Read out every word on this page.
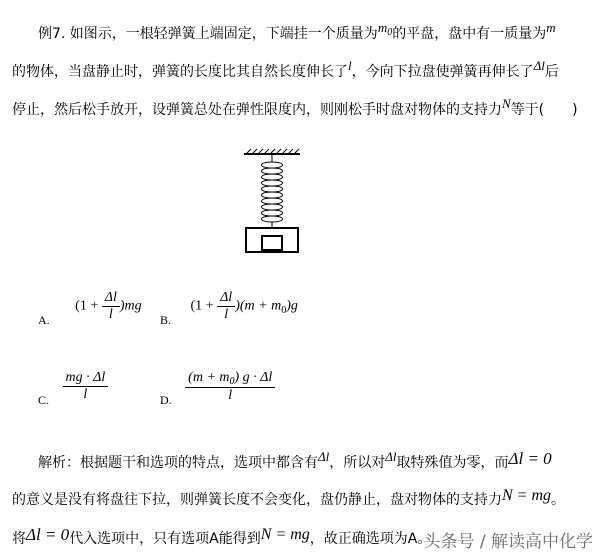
例7. 如图示，一根轻弹簧上端固定，下端挂一个质量为$m_0$的平盘，盘中有一质量为m
的物体，当盘静止时，弹簧的长度比其自然长度伸长了l，今向下拉盘使弹簧再伸长了Δl后
停止，然后松手放开，设弹簧总处在弹性限度内，则刚松手时盘对物体的支持力N等于(　　)
A. $(1 + \frac{\Delta l}{l} )mg$
B. $(1 + \frac{\Delta l}{l} )(m + m_0)g$
C. $\frac{mg \cdot \Delta l}{l}$	D. $\frac{(m + m_0) g \cdot \Delta l}{l}$
解析：根据题干和选项的特点，选项中都含有Δl，所以对Δl取特殊值为零，而Δl = 0
的意义是没有将盘往下拉，则弹簧长度不会变化，盘仍静止，盘对物体的支持力N = mg。
将Δl = 0代入选项中，只有选项A能得到N = mg，故正确选项为A。
头条号 / 解读高中化学
